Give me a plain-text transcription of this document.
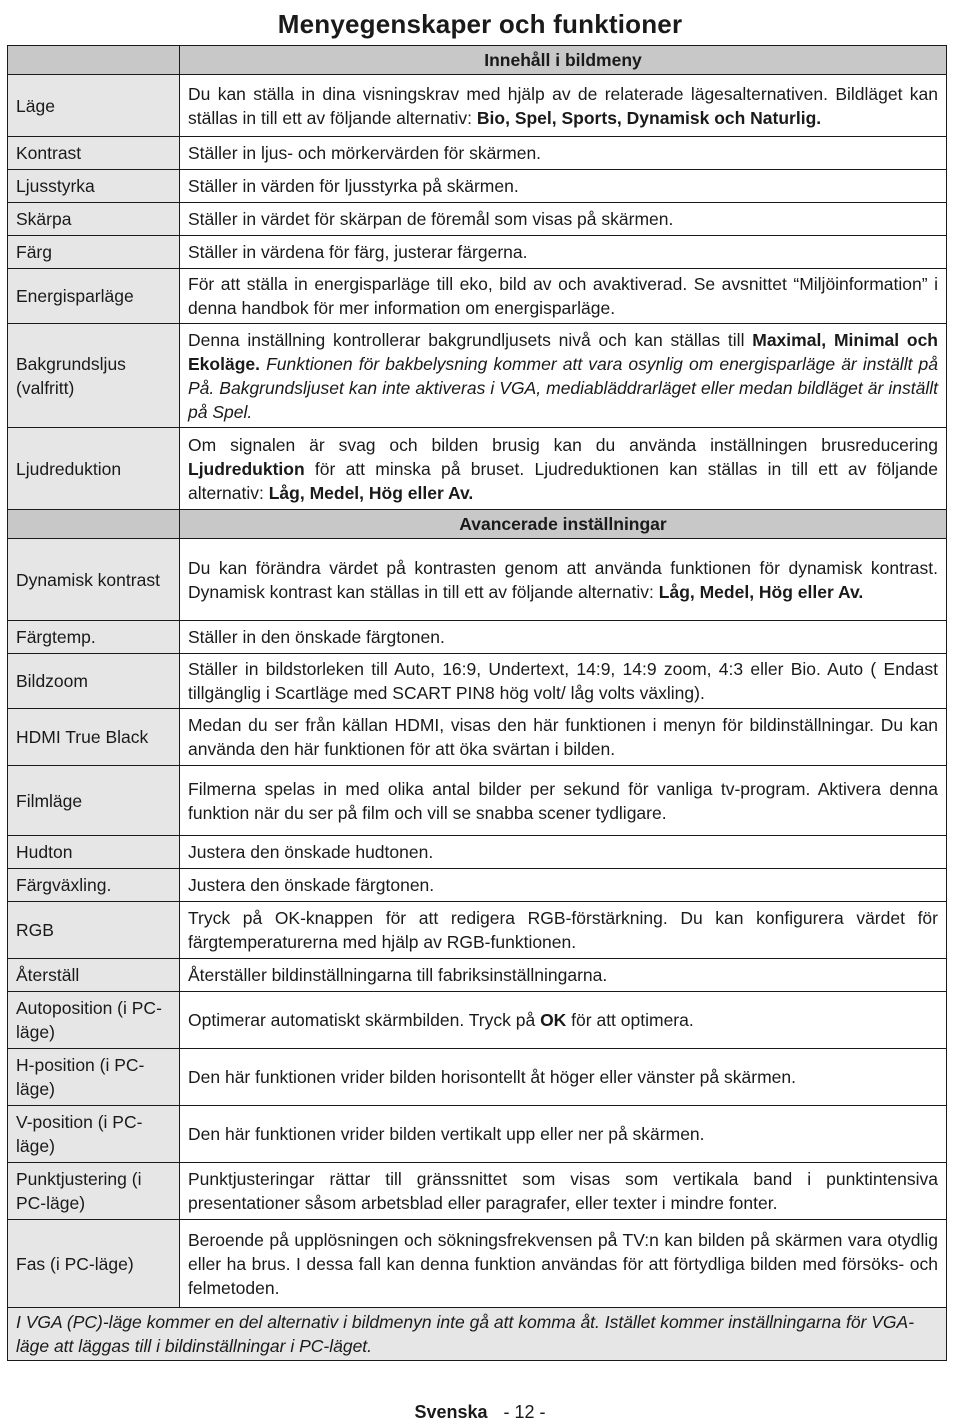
Menyegenskaper och funktioner
	Innehåll i bildmeny
Läge	Du kan ställa in dina visningskrav med hjälp av de relaterade lägesalternativen. Bildläget kan ställas in till ett av följande alternativ: Bio, Spel, Sports, Dynamisk och Naturlig.
Kontrast	Ställer in ljus- och mörkervärden för skärmen.
Ljusstyrka	Ställer in värden för ljusstyrka på skärmen.
Skärpa	Ställer in värdet för skärpan de föremål som visas på skärmen.
Färg	Ställer in värdena för färg, justerar färgerna.
Energisparläge	För att ställa in energisparläge till eko, bild av och avaktiverad. Se avsnittet “Miljöinformation” i denna handbok för mer information om energisparläge.
Bakgrundsljus (valfritt)	Denna inställning kontrollerar bakgrundljusets nivå och kan ställas till Maximal, Minimal och Ekoläge. Funktionen för bakbelysning kommer att vara osynlig om energisparläge är inställt på På. Bakgrundsljuset kan inte aktiveras i VGA, mediabläddrarläget eller medan bildläget är inställt på Spel.
Ljudreduktion	Om signalen är svag och bilden brusig kan du använda inställningen brusreducering Ljudreduktion för att minska på bruset. Ljudreduktionen kan ställas in till ett av följande alternativ: Låg, Medel, Hög eller Av.
	Avancerade inställningar
Dynamisk kontrast	Du kan förändra värdet på kontrasten genom att använda funktionen för dynamisk kontrast. Dynamisk kontrast kan ställas in till ett av följande alternativ: Låg, Medel, Hög eller Av.
Färgtemp.	Ställer in den önskade färgtonen.
Bildzoom	Ställer in bildstorleken till Auto, 16:9, Undertext, 14:9, 14:9 zoom, 4:3 eller Bio. Auto ( Endast tillgänglig i Scartläge med SCART PIN8 hög volt/ låg volts växling).
HDMI True Black	Medan du ser från källan HDMI, visas den här funktionen i menyn för bildinställningar. Du kan använda den här funktionen för att öka svärtan i bilden.
Filmläge	Filmerna spelas in med olika antal bilder per sekund för vanliga tv-program. Aktivera denna funktion när du ser på film och vill se snabba scener tydligare.
Hudton	Justera den önskade hudtonen.
Färgväxling.	Justera den önskade färgtonen.
RGB	Tryck på OK-knappen för att redigera RGB-förstärkning. Du kan konfigurera värdet för färgtemperaturerna med hjälp av RGB-funktionen.
Återställ	Återställer bildinställningarna till fabriksinställningarna.
Autoposition (i PC-läge)	Optimerar automatiskt skärmbilden. Tryck på OK för att optimera.
H-position (i PC-läge)	Den här funktionen vrider bilden horisontellt åt höger eller vänster på skärmen.
V-position (i PC-läge)	Den här funktionen vrider bilden vertikalt upp eller ner på skärmen.
Punktjustering (i PC-läge)	Punktjusteringar rättar till gränssnittet som visas som vertikala band i punktintensiva presentationer såsom arbetsblad eller paragrafer, eller texter i mindre fonter.
Fas (i PC-läge)	Beroende på upplösningen och sökningsfrekvensen på TV:n kan bilden på skärmen vara otydlig eller ha brus. I dessa fall kan denna funktion användas för att förtydliga bilden med försöks- och felmetoden.
I VGA (PC)-läge kommer en del alternativ i bildmenyn inte gå att komma åt. Istället kommer inställningarna för VGA-läge att läggas till i bildinställningar i PC-läget.	
Svenska - 12 -
